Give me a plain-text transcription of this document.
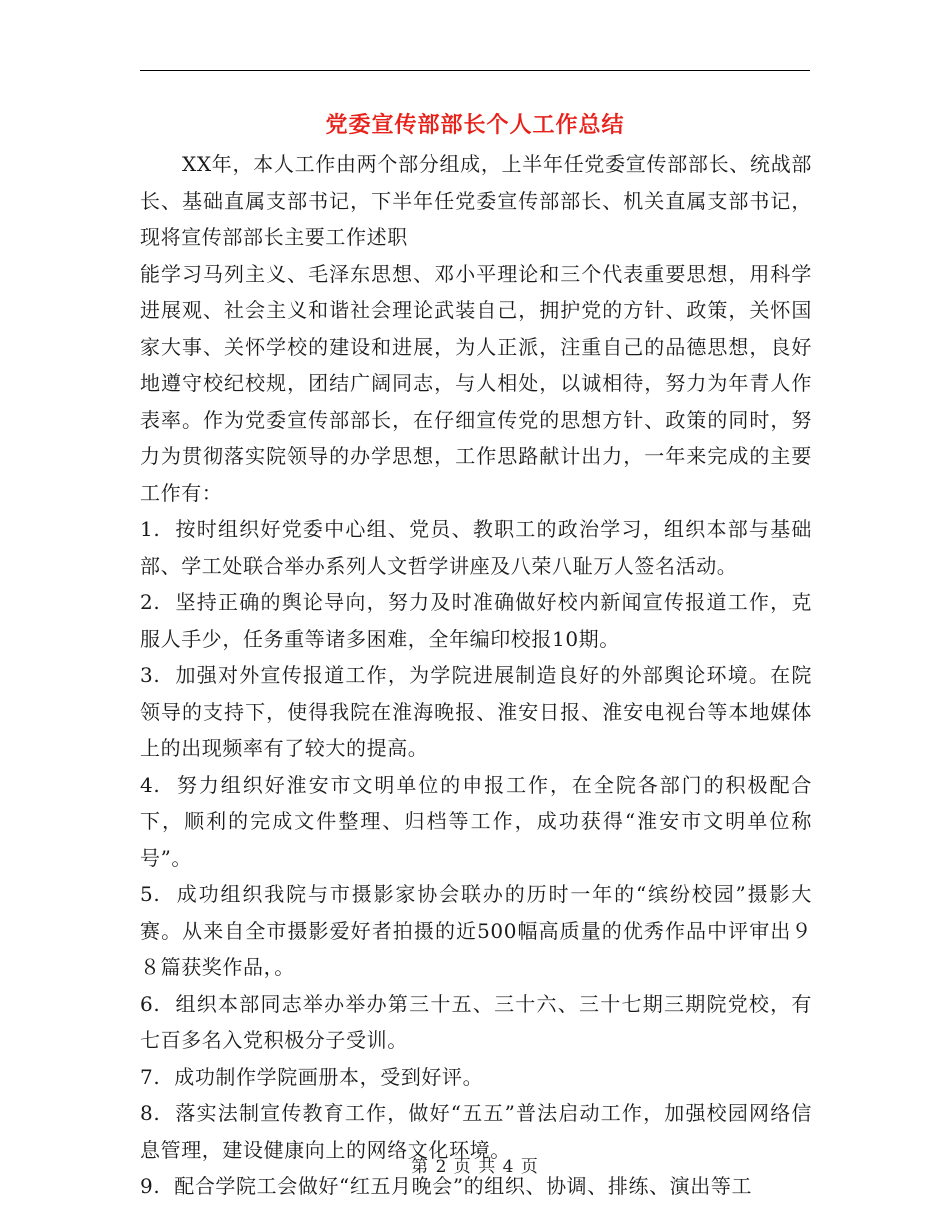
党委宣传部部长个人工作总结

XX年，本人工作由两个部分组成，上半年任党委宣传部部长、统战部长、基础直属支部书记，下半年任党委宣传部部长、机关直属支部书记，现将宣传部部长主要工作述职

能学习马列主义、毛泽东思想、邓小平理论和三个代表重要思想，用科学进展观、社会主义和谐社会理论武装自己，拥护党的方针、政策，关怀国家大事、关怀学校的建设和进展，为人正派，注重自己的品德思想，良好地遵守校纪校规，团结广阔同志，与人相处，以诚相待，努力为年青人作表率。作为党委宣传部部长，在仔细宣传党的思想方针、政策的同时，努力为贯彻落实院领导的办学思想，工作思路献计出力，一年来完成的主要工作有：

1. 按时组织好党委中心组、党员、教职工的政治学习，组织本部与基础部、学工处联合举办系列人文哲学讲座及八荣八耻万人签名活动。

2. 坚持正确的舆论导向，努力及时准确做好校内新闻宣传报道工作，克服人手少，任务重等诸多困难，全年编印校报10期。

3. 加强对外宣传报道工作，为学院进展制造良好的外部舆论环境。在院领导的支持下，使得我院在淮海晚报、淮安日报、淮安电视台等本地媒体上的出现频率有了较大的提高。

4. 努力组织好淮安市文明单位的申报工作，在全院各部门的积极配合下，顺利的完成文件整理、归档等工作，成功获得“淮安市文明单位称号”。

5. 成功组织我院与市摄影家协会联办的历时一年的“缤纷校园”摄影大赛。从来自全市摄影爱好者拍摄的近500幅高质量的优秀作品中评审出９８篇获奖作品，。

6. 组织本部同志举办举办第三十五、三十六、三十七期三期院党校，有七百多名入党积极分子受训。

7. 成功制作学院画册本，受到好评。

8. 落实法制宣传教育工作，做好“五五”普法启动工作，加强校园网络信息管理，建设健康向上的网络文化环境。

9. 配合学院工会做好“红五月晚会”的组织、协调、排练、演出等工

第 2 页 共 4 页
